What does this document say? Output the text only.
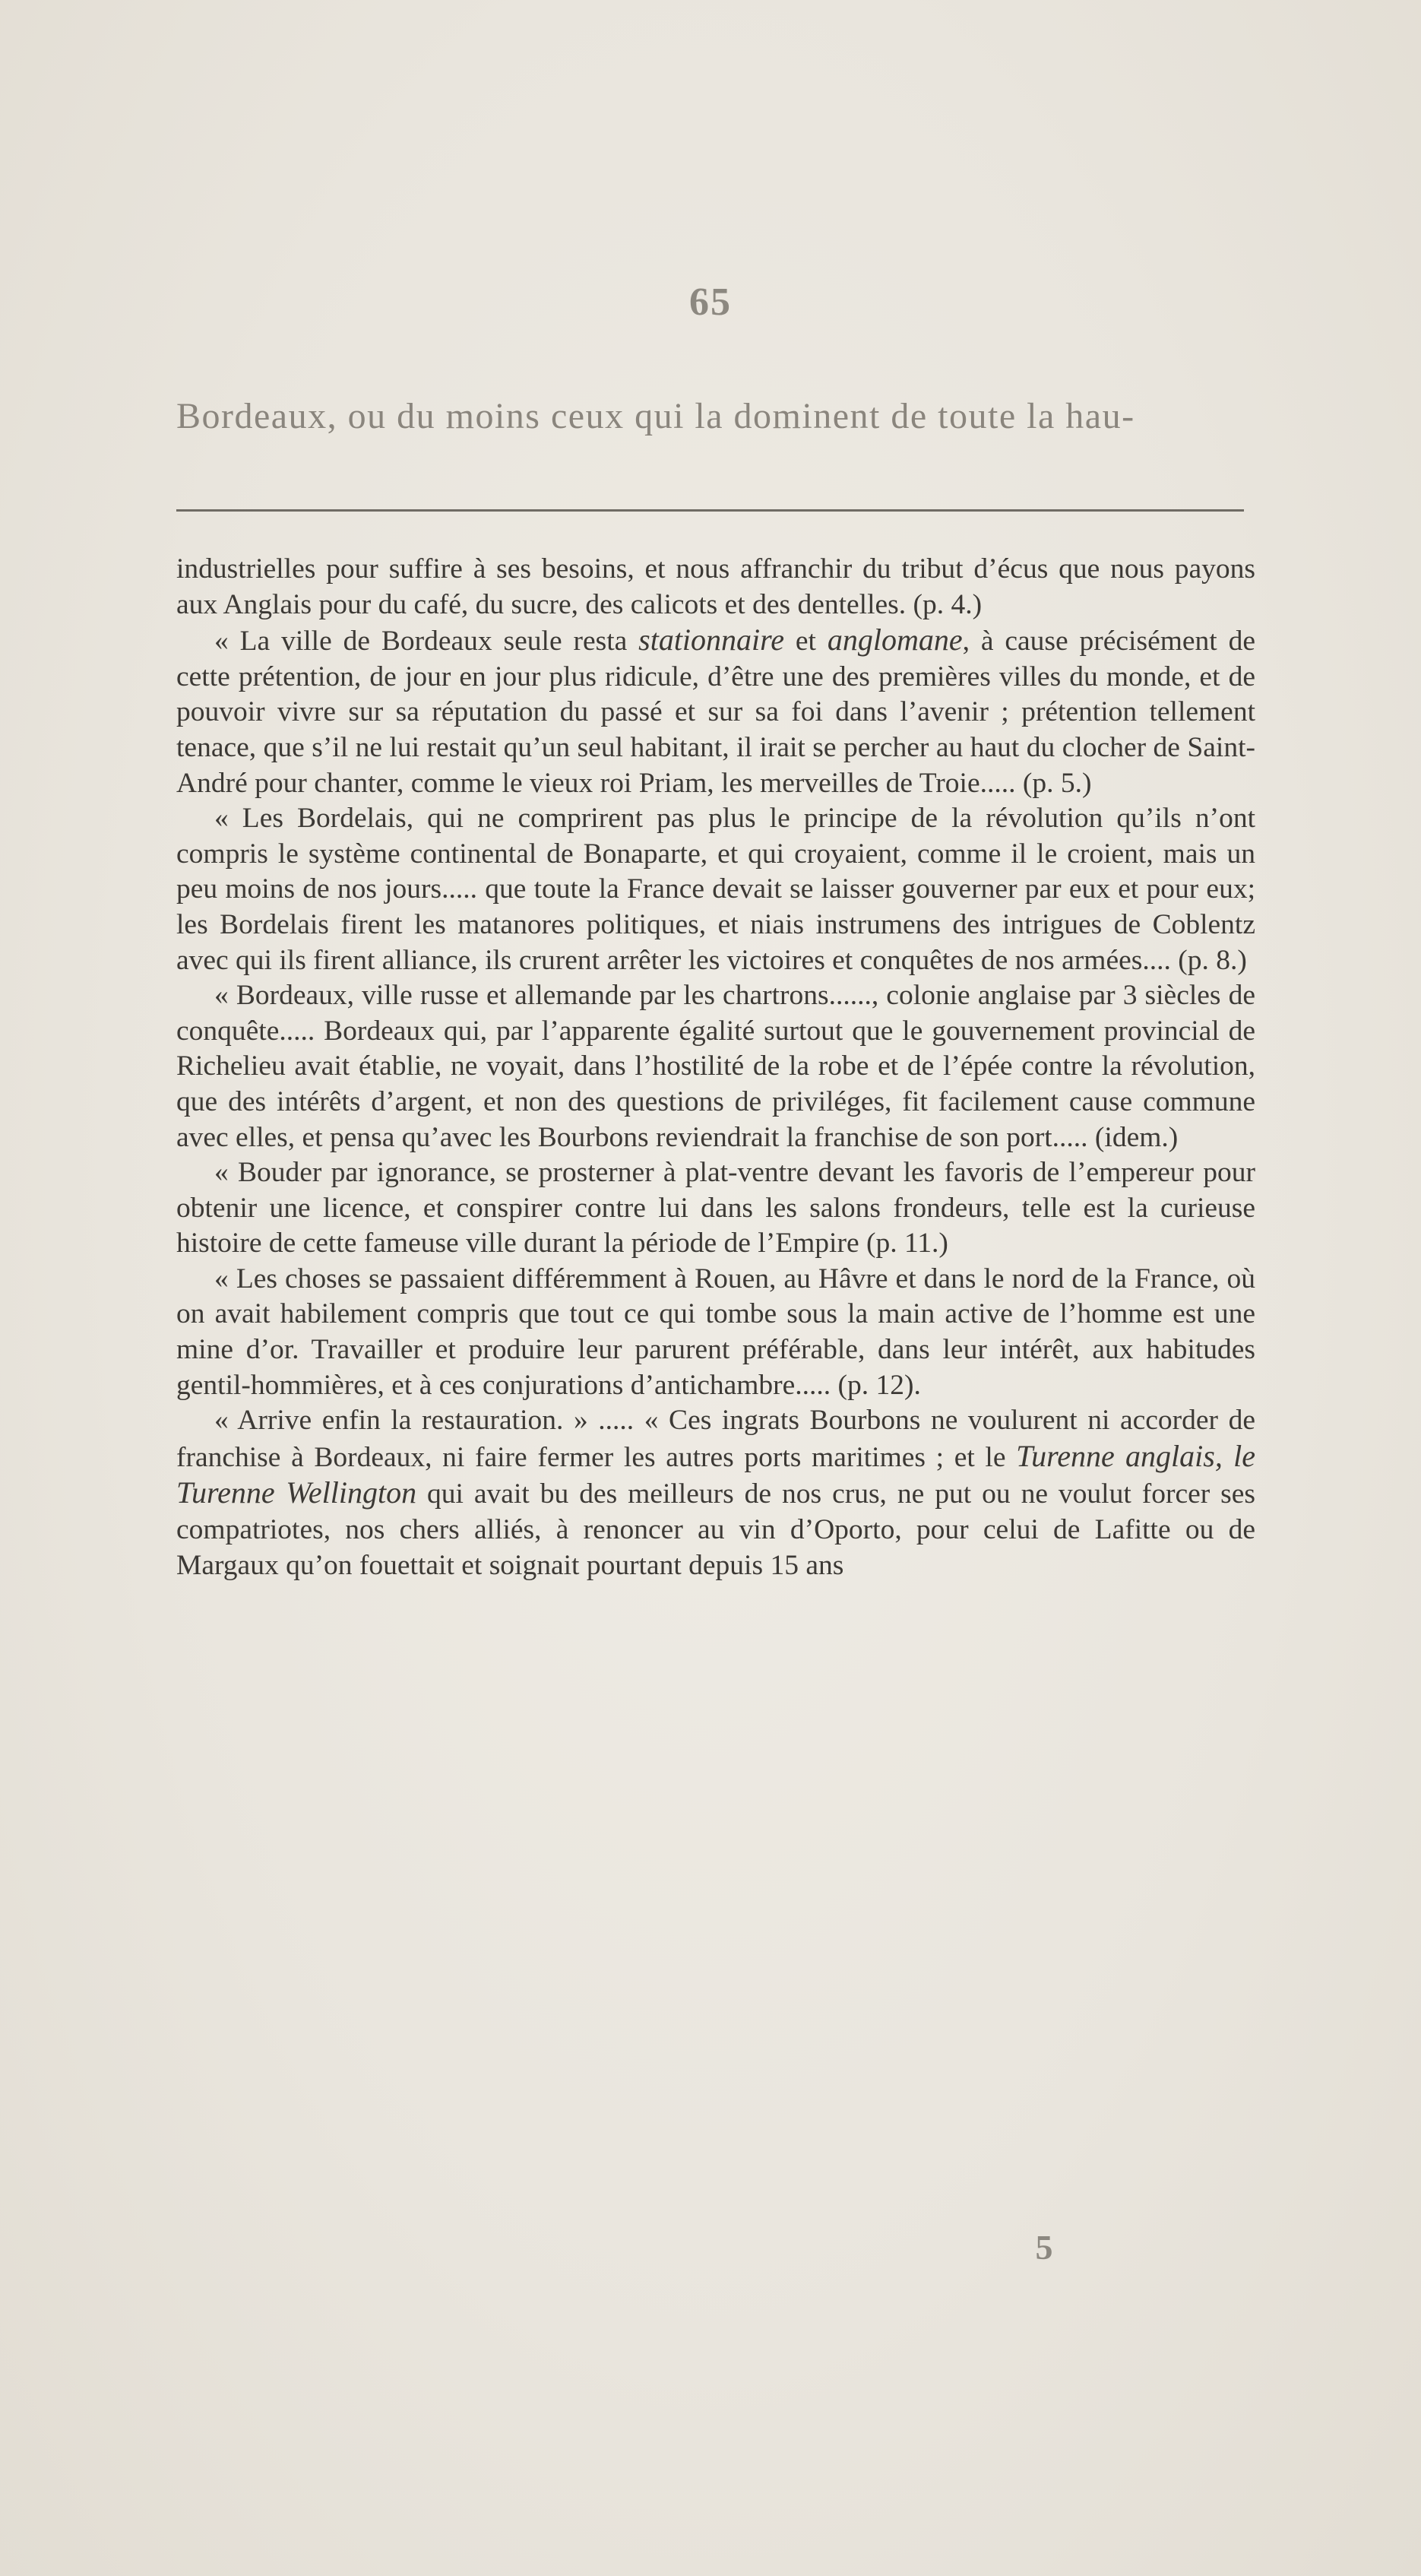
65
Bordeaux, ou du moins ceux qui la dominent de toute la hau-

industrielles pour suffire à ses besoins, et nous affranchir du tribut d’écus que nous payons aux Anglais pour du café, du sucre, des calicots et des dentelles. (p. 4.)

« La ville de Bordeaux seule resta stationnaire et anglomane, à cause précisément de cette prétention, de jour en jour plus ridicule, d’être une des premières villes du monde, et de pouvoir vivre sur sa réputation du passé et sur sa foi dans l’avenir ; prétention tellement tenace, que s’il ne lui restait qu’un seul habitant, il irait se percher au haut du clocher de Saint-André pour chanter, comme le vieux roi Priam, les merveilles de Troie..... (p. 5.)

« Les Bordelais, qui ne comprirent pas plus le principe de la révolution qu’ils n’ont compris le système continental de Bonaparte, et qui croyaient, comme il le croient, mais un peu moins de nos jours..... que toute la France devait se laisser gouverner par eux et pour eux; les Bordelais firent les matanores politiques, et niais instrumens des intrigues de Coblentz avec qui ils firent alliance, ils crurent arrêter les victoires et conquêtes de nos armées.... (p. 8.)

« Bordeaux, ville russe et allemande par les chartrons......, colonie anglaise par 3 siècles de conquête..... Bordeaux qui, par l’apparente égalité surtout que le gouvernement provincial de Richelieu avait établie, ne voyait, dans l’hostilité de la robe et de l’épée contre la révolution, que des intérêts d’argent, et non des questions de priviléges, fit facilement cause commune avec elles, et pensa qu’avec les Bourbons reviendrait la franchise de son port..... (idem.)

« Bouder par ignorance, se prosterner à plat-ventre devant les favoris de l’empereur pour obtenir une licence, et conspirer contre lui dans les salons frondeurs, telle est la curieuse histoire de cette fameuse ville durant la période de l’Empire (p. 11.)

« Les choses se passaient différemment à Rouen, au Hâvre et dans le nord de la France, où on avait habilement compris que tout ce qui tombe sous la main active de l’homme est une mine d’or. Travailler et produire leur parurent préférable, dans leur intérêt, aux habitudes gentil-hommières, et à ces conjurations d’antichambre..... (p. 12).

« Arrive enfin la restauration. » ..... « Ces ingrats Bourbons ne voulurent ni accorder de franchise à Bordeaux, ni faire fermer les autres ports maritimes ; et le Turenne anglais, le Turenne Wellington qui avait bu des meilleurs de nos crus, ne put ou ne voulut forcer ses compatriotes, nos chers alliés, à renoncer au vin d’Oporto, pour celui de Lafitte ou de Margaux qu’on fouettait et soignait pourtant depuis 15 ans

5
